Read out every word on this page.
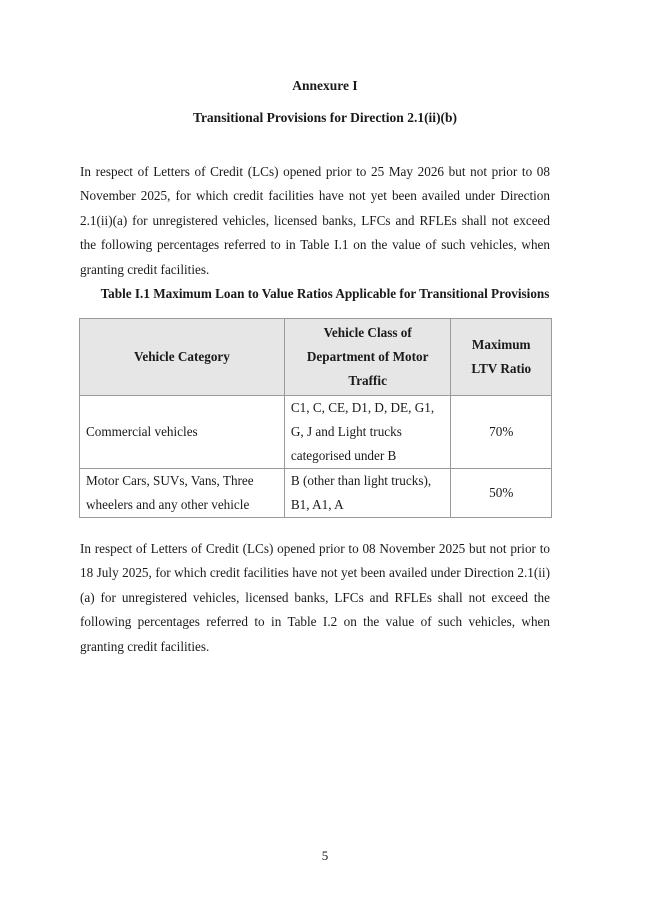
Annexure I
Transitional Provisions for Direction 2.1(ii)(b)
In respect of Letters of Credit (LCs) opened prior to 25 May 2026 but not prior to 08 November 2025, for which credit facilities have not yet been availed under Direction 2.1(ii)(a) for unregistered vehicles, licensed banks, LFCs and RFLEs shall not exceed the following percentages referred to in Table I.1 on the value of such vehicles, when granting credit facilities.
Table I.1 Maximum Loan to Value Ratios Applicable for Transitional Provisions
Vehicle Category	Vehicle Class of Department of Motor Traffic	Maximum LTV Ratio
Commercial vehicles	C1, C, CE, D1, D, DE, G1, G, J and Light trucks categorised under B	70%
Motor Cars, SUVs, Vans, Three wheelers and any other vehicle	B (other than light trucks), B1, A1, A	50%
In respect of Letters of Credit (LCs) opened prior to 08 November 2025 but not prior to 18 July 2025, for which credit facilities have not yet been availed under Direction 2.1(ii)(a) for unregistered vehicles, licensed banks, LFCs and RFLEs shall not exceed the following percentages referred to in Table I.2 on the value of such vehicles, when granting credit facilities.
5
